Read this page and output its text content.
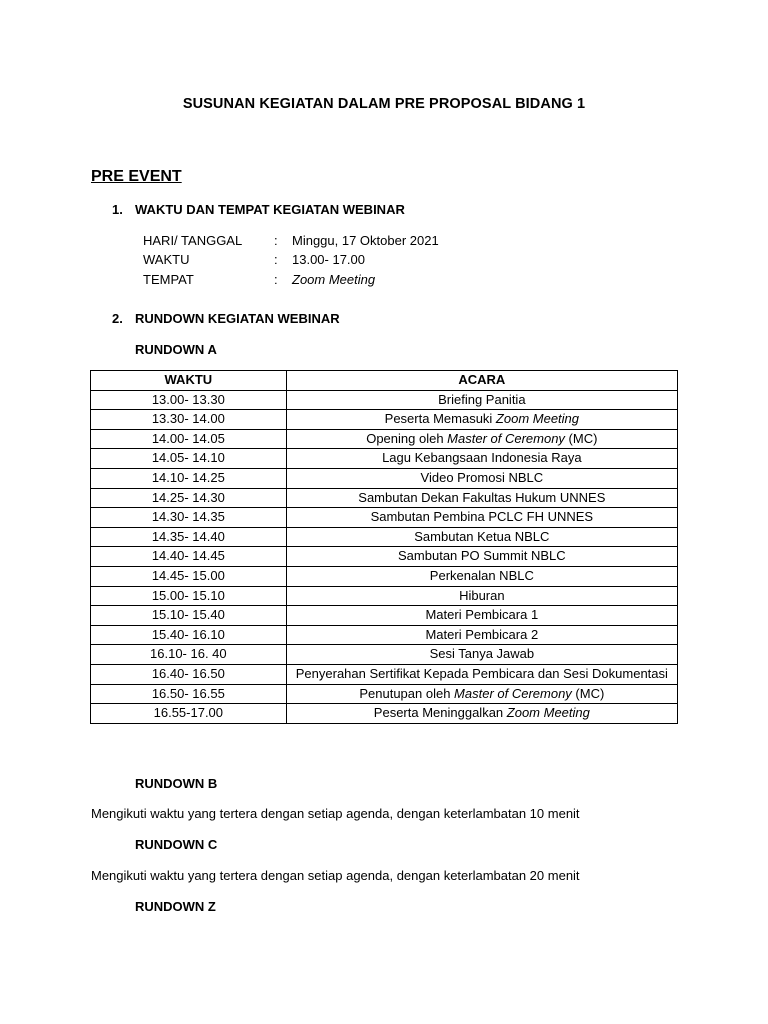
SUSUNAN KEGIATAN DALAM PRE PROPOSAL BIDANG 1
PRE EVENT
1. WAKTU DAN TEMPAT KEGIATAN WEBINAR
HARI/ TANGGAL : Minggu, 17 Oktober 2021
WAKTU	: 13.00- 17.00
TEMPAT	: Zoom Meeting
2. RUNDOWN KEGIATAN WEBINAR
RUNDOWN A
WAKTU	ACARA
13.00- 13.30	Briefing Panitia
13.30- 14.00	Peserta Memasuki Zoom Meeting
14.00- 14.05	Opening oleh Master of Ceremony (MC)
14.05- 14.10	Lagu Kebangsaan Indonesia Raya
14.10- 14.25	Video Promosi NBLC
14.25- 14.30	Sambutan Dekan Fakultas Hukum UNNES
14.30- 14.35	Sambutan Pembina PCLC FH UNNES
14.35- 14.40	Sambutan Ketua NBLC
14.40- 14.45	Sambutan PO Summit NBLC
14.45- 15.00	Perkenalan NBLC
15.00- 15.10	Hiburan
15.10- 15.40	Materi Pembicara 1
15.40- 16.10	Materi Pembicara 2
16.10- 16. 40	Sesi Tanya Jawab
16.40- 16.50	Penyerahan Sertifikat Kepada Pembicara dan Sesi Dokumentasi
16.50- 16.55	Penutupan oleh Master of Ceremony (MC)
16.55-17.00	Peserta Meninggalkan Zoom Meeting
RUNDOWN B
Mengikuti waktu yang tertera dengan setiap agenda, dengan keterlambatan 10 menit
RUNDOWN C
Mengikuti waktu yang tertera dengan setiap agenda, dengan keterlambatan 20 menit
RUNDOWN Z
